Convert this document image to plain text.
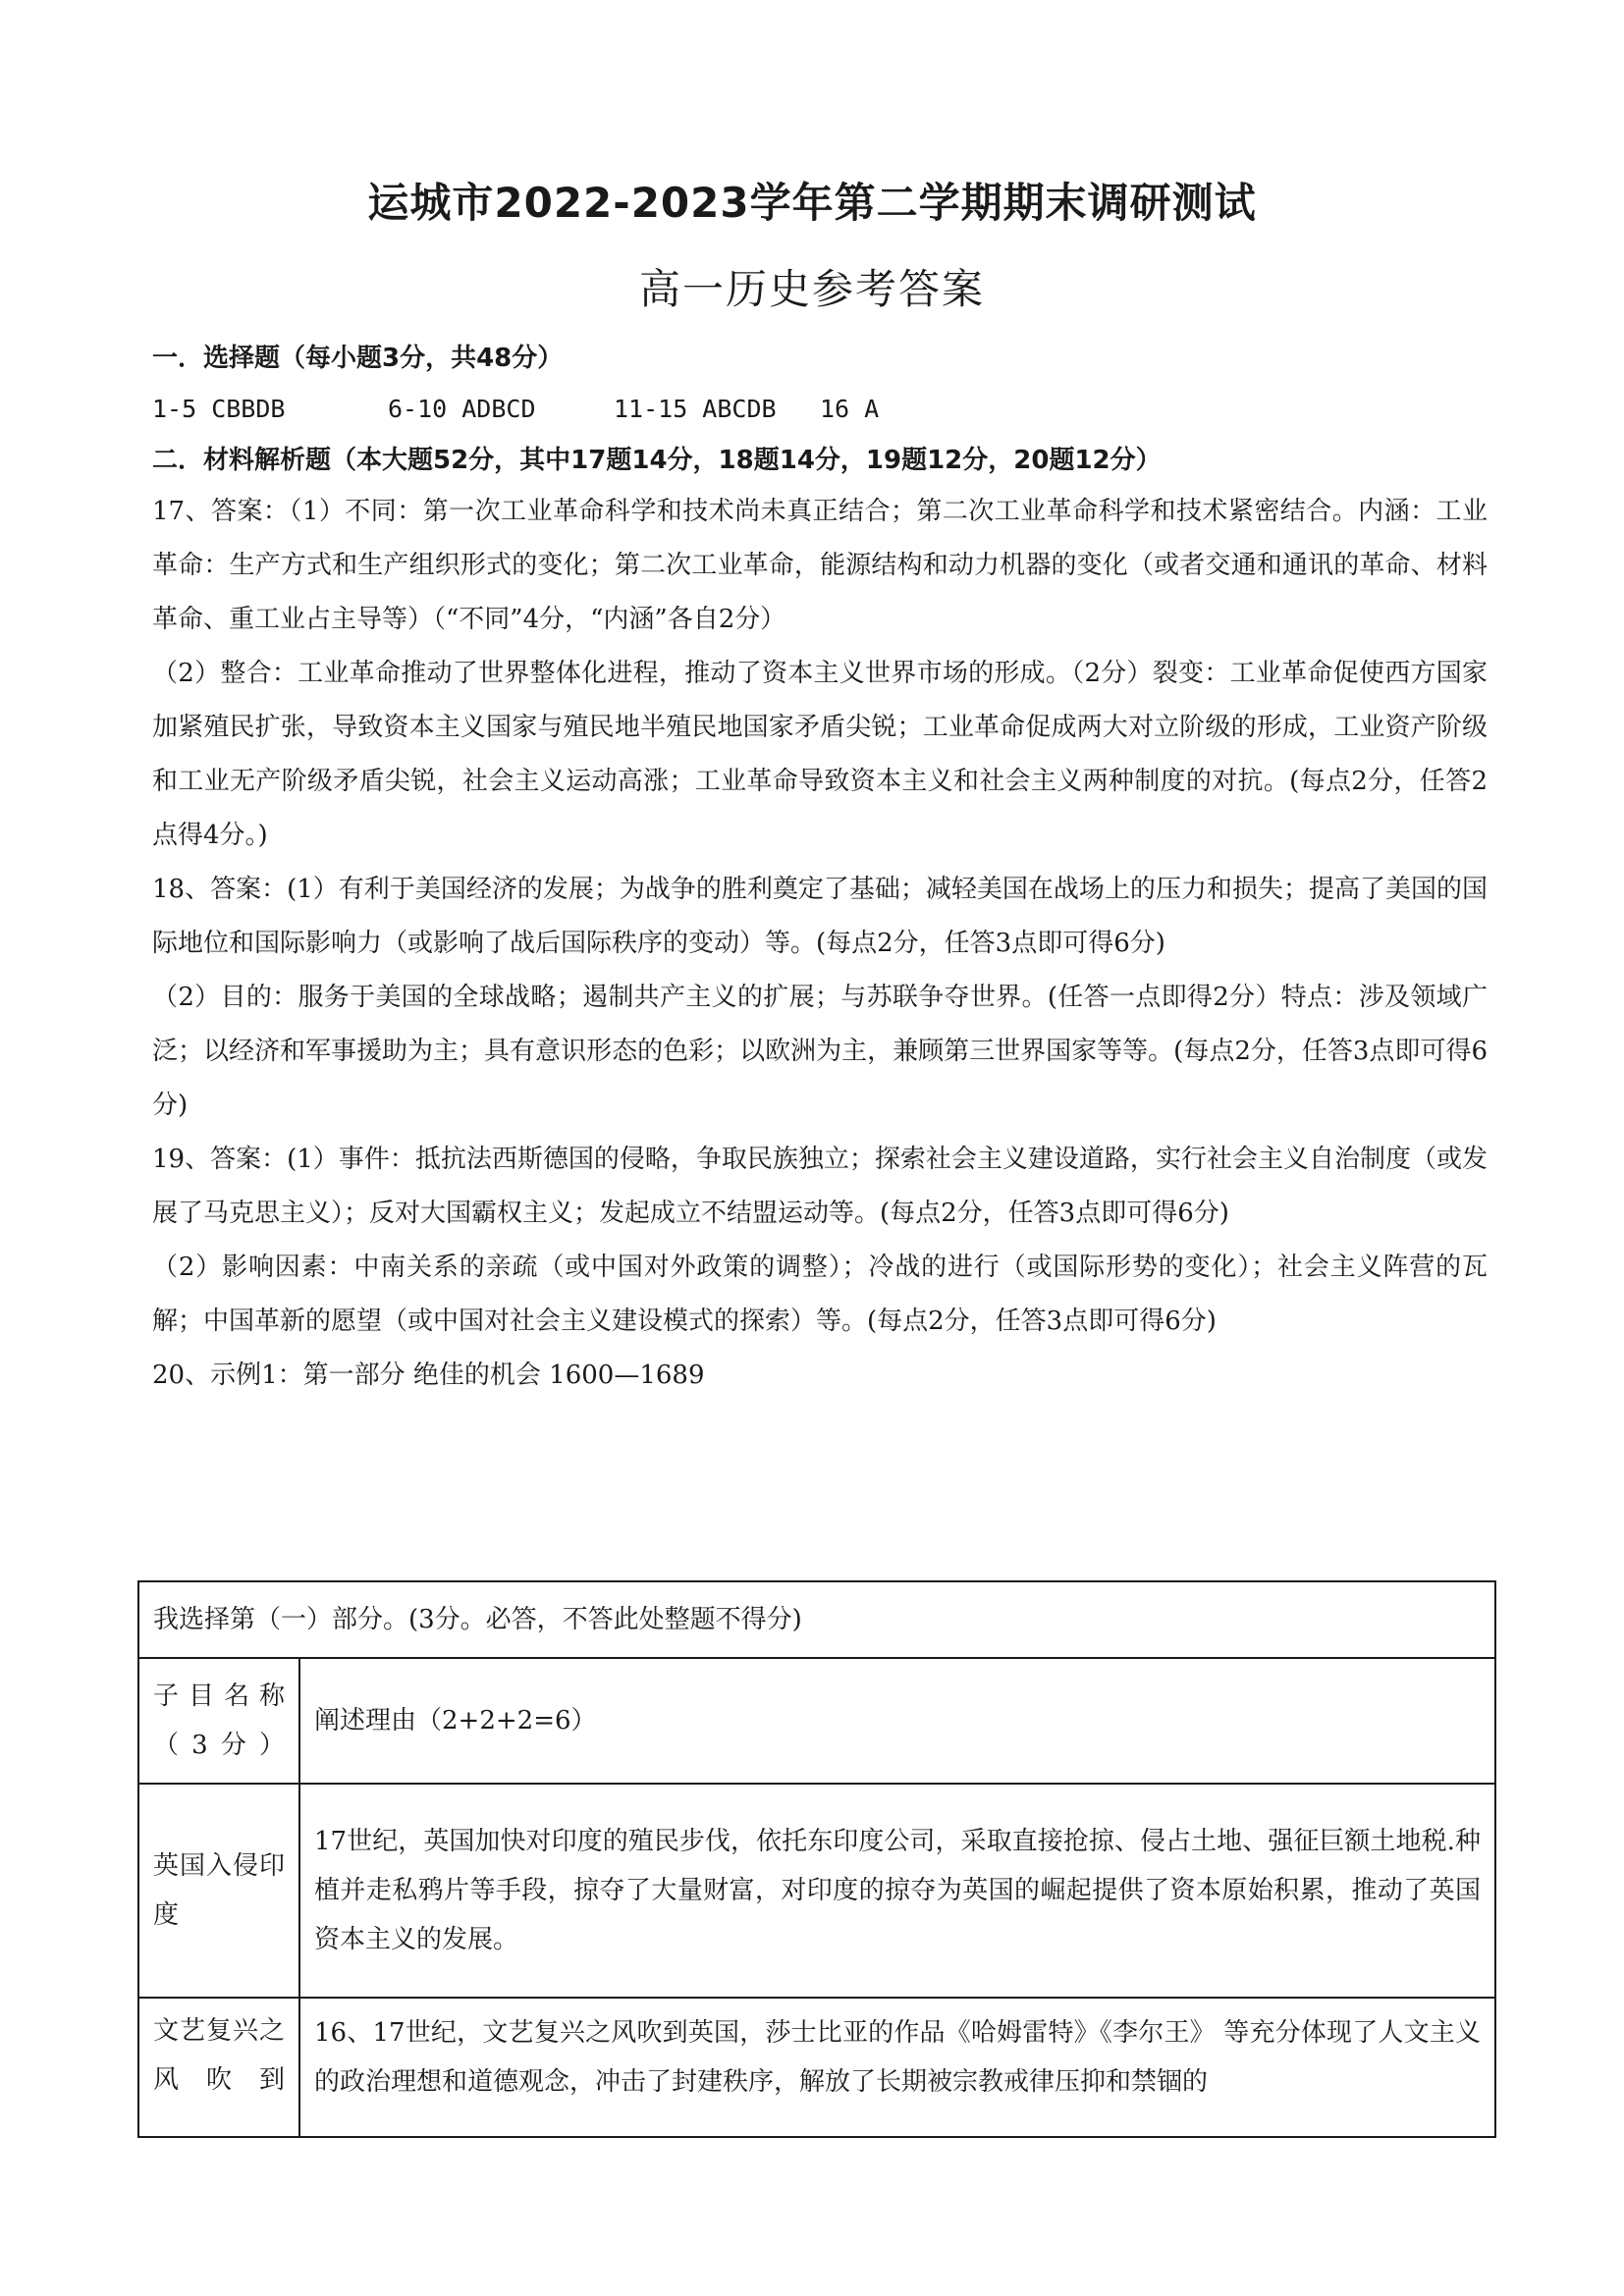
运城市2022-2023学年第二学期期末调研测试
高一历史参考答案
一．选择题（每小题3分，共48分）
1-5 CBBDB	6-10 ADBCD	11-15 ABCDB 16 A
二．材料解析题（本大题52分，其中17题14分，18题14分，19题12分，20题12分）

17、答案：（1）不同：第一次工业革命科学和技术尚未真正结合；第二次工业革命科学和技术紧密结合。内涵：工业革命：生产方式和生产组织形式的变化；第二次工业革命，能源结构和动力机器的变化（或者交通和通讯的革命、材料革命、重工业占主导等）（“不同”4分，“内涵”各自2分）

（2）整合：工业革命推动了世界整体化进程，推动了资本主义世界市场的形成。（2分）裂变：工业革命促使西方国家加紧殖民扩张，导致资本主义国家与殖民地半殖民地国家矛盾尖锐；工业革命促成两大对立阶级的形成，工业资产阶级和工业无产阶级矛盾尖锐，社会主义运动高涨；工业革命导致资本主义和社会主义两种制度的对抗。(每点2分，任答2点得4分。)

18、答案：(1）有利于美国经济的发展；为战争的胜利奠定了基础；减轻美国在战场上的压力和损失；提高了美国的国际地位和国际影响力（或影响了战后国际秩序的变动）等。(每点2分，任答3点即可得6分)

（2）目的：服务于美国的全球战略；遏制共产主义的扩展；与苏联争夺世界。(任答一点即得2分）特点：涉及领域广泛；以经济和军事援助为主；具有意识形态的色彩；以欧洲为主，兼顾第三世界国家等等。(每点2分，任答3点即可得6分)

19、答案：(1）事件：抵抗法西斯德国的侵略，争取民族独立；探索社会主义建设道路，实行社会主义自治制度（或发展了马克思主义）；反对大国霸权主义；发起成立不结盟运动等。(每点2分，任答3点即可得6分)

（2）影响因素：中南关系的亲疏（或中国对外政策的调整）；冷战的进行（或国际形势的变化）；社会主义阵营的瓦解；中国革新的愿望（或中国对社会主义建设模式的探索）等。(每点2分，任答3点即可得6分)

20、示例1：第一部分 绝佳的机会 1600—1689
我选择第（一）部分。(3分。必答，不答此处整题不得分)	
子目名称（3分）	阐述理由（2+2+2=6）
英国入侵印度	17世纪，英国加快对印度的殖民步伐，依托东印度公司，采取直接抢掠、侵占土地、强征巨额土地税.种植并走私鸦片等手段，掠夺了大量财富，对印度的掠夺为英国的崛起提供了资本原始积累，推动了英国资本主义的发展。
文艺复兴之风吹到	16、17世纪，文艺复兴之风吹到英国，莎士比亚的作品《哈姆雷特》《李尔王》 等充分体现了人文主义的政治理想和道德观念，冲击了封建秩序，解放了长期被宗教戒律压抑和禁锢的
